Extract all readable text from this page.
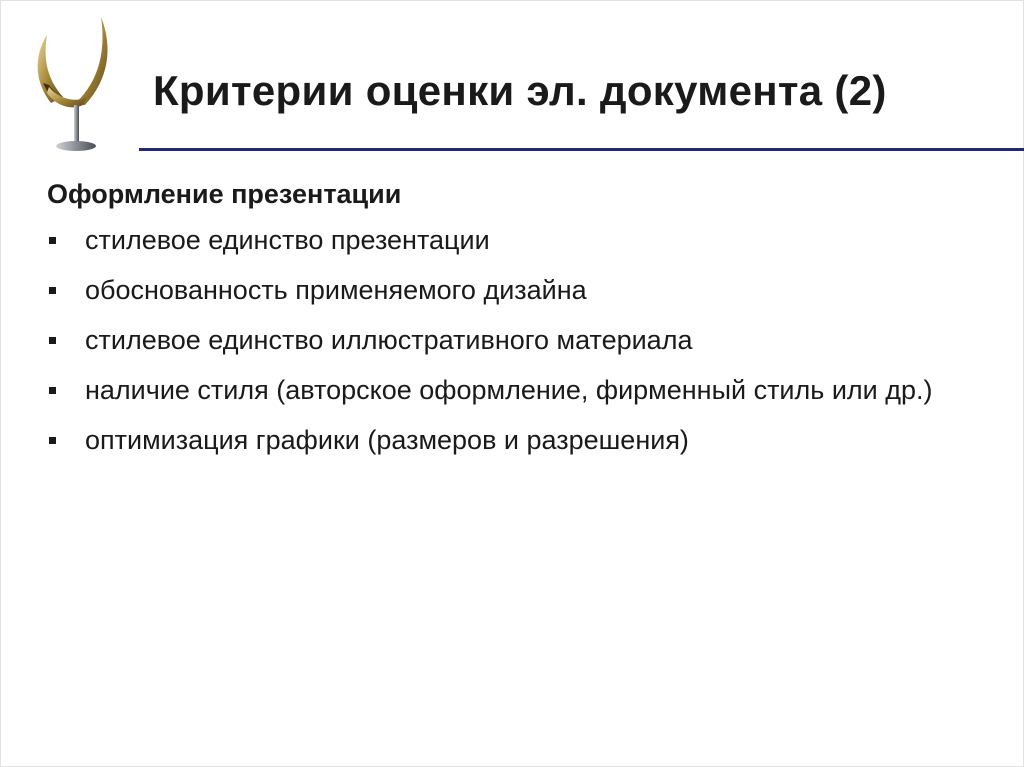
Критерии оценки эл. документа (2)
Оформление презентации
стилевое единство презентации
обоснованность применяемого дизайна
стилевое единство иллюстративного материала
наличие стиля (авторское оформление, фирменный стиль или др.)
оптимизация графики (размеров и разрешения)
